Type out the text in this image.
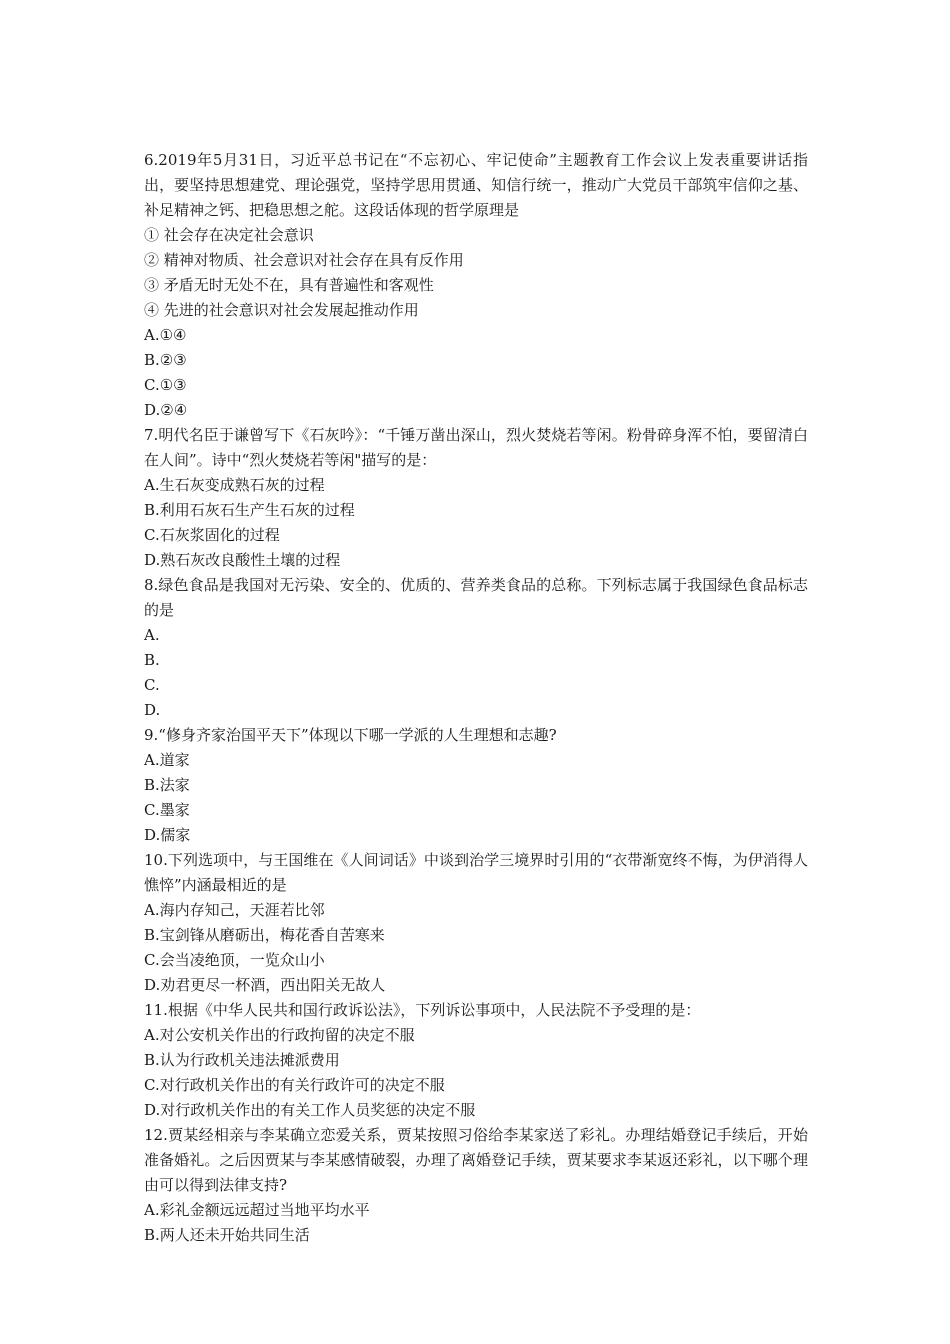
6.2019年5月31日，习近平总书记在“不忘初心、牢记使命”主题教育工作会议上发表重要讲话指出，要坚持思想建党、理论强党，坚持学思用贯通、知信行统一，推动广大党员干部筑牢信仰之基、补足精神之钙、把稳思想之舵。这段话体现的哲学原理是

① 社会存在决定社会意识

② 精神对物质、社会意识对社会存在具有反作用

③ 矛盾无时无处不在，具有普遍性和客观性

④ 先进的社会意识对社会发展起推动作用

A.①④

B.②③

C.①③

D.②④

7.明代名臣于谦曾写下《石灰吟》：“千锤万凿出深山，烈火焚烧若等闲。粉骨碎身浑不怕，要留清白在人间”。诗中“烈火焚烧若等闲"描写的是：

A.生石灰变成熟石灰的过程

B.利用石灰石生产生石灰的过程

C.石灰浆固化的过程

D.熟石灰改良酸性土壤的过程

8.绿色食品是我国对无污染、安全的、优质的、营养类食品的总称。下列标志属于我国绿色食品标志的是

A.

B.

C.

D.

9.“修身齐家治国平天下”体现以下哪一学派的人生理想和志趣?

A.道家

B.法家

C.墨家

D.儒家

10.下列选项中，与王国维在《人间词话》中谈到治学三境界时引用的“衣带渐宽终不悔，为伊消得人憔悴”内涵最相近的是

A.海内存知己，天涯若比邻

B.宝剑锋从磨砺出，梅花香自苦寒来

C.会当凌绝顶，一览众山小

D.劝君更尽一杯酒，西出阳关无故人

11.根据《中华人民共和国行政诉讼法》，下列诉讼事项中，人民法院不予受理的是：

A.对公安机关作出的行政拘留的决定不服

B.认为行政机关违法摊派费用

C.对行政机关作出的有关行政许可的决定不服

D.对行政机关作出的有关工作人员奖惩的决定不服

12.贾某经相亲与李某确立恋爱关系，贾某按照习俗给李某家送了彩礼。办理结婚登记手续后，开始准备婚礼。之后因贾某与李某感情破裂，办理了离婚登记手续，贾某要求李某返还彩礼，以下哪个理由可以得到法律支持?

A.彩礼金额远远超过当地平均水平

B.两人还未开始共同生活
